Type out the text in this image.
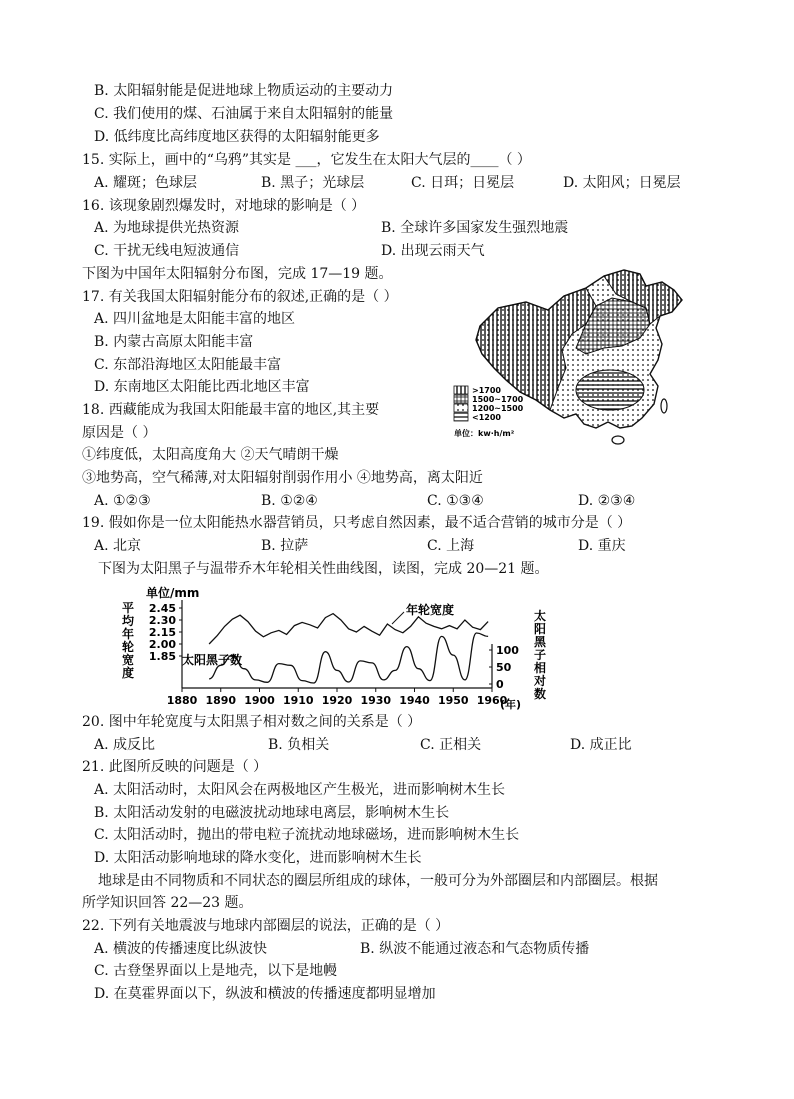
B. 太阳辐射能是促进地球上物质运动的主要动力
C. 我们使用的煤、石油属于来自太阳辐射的能量
D. 低纬度比高纬度地区获得的太阳辐射能更多
15. 实际上，画中的“乌鸦”其实是 ___，它发生在太阳大气层的____（ ）
A. 耀斑；色球层	B. 黑子；光球层	C. 日珥；日冕层	D. 太阳风；日冕层
16. 该现象剧烈爆发时，对地球的影响是（ ）
A. 为地球提供光热资源	B. 全球许多国家发生强烈地震
C. 干扰无线电短波通信	D. 出现云雨天气
下图为中国年太阳辐射分布图，完成 17—19 题。
17. 有关我国太阳辐射能分布的叙述,正确的是（ ）
A. 四川盆地是太阳能丰富的地区
B. 内蒙古高原太阳能丰富
C. 东部沿海地区太阳能最丰富
D. 东南地区太阳能比西北地区丰富
18. 西藏能成为我国太阳能最丰富的地区,其主要
原因是（ ）
①纬度低，太阳高度角大 ②天气晴朗干燥
③地势高，空气稀薄,对太阳辐射削弱作用小 ④地势高，离太阳近
A. ①②③	B. ①②④	C. ①③④	D. ②③④
>1700
1500~1700
1200~1500
<1200
单位：kw·h/m²
19. 假如你是一位太阳能热水器营销员，只考虑自然因素，最不适合营销的城市分是（ ）
A. 北京	B. 拉萨	C. 上海	D. 重庆
下图为太阳黑子与温带乔木年轮相关性曲线图，读图，完成 20—21 题。
单位/mm
平
均
年
轮
宽
度
太
阳
黑
子
相
对
数
2.45
2.30
2.15
2.00
1.85	100
50
0
1880 1890 1900 1910 1920 1930 1940 1950 1960
年轮宽度
太阳黑子数
(年)
20. 图中年轮宽度与太阳黑子相对数之间的关系是（ ）
A. 成反比	B. 负相关	C. 正相关	D. 成正比
21. 此图所反映的问题是（ ）
A. 太阳活动时，太阳风会在两极地区产生极光，进而影响树木生长
B. 太阳活动发射的电磁波扰动地球电离层，影响树木生长
C. 太阳活动时，抛出的带电粒子流扰动地球磁场，进而影响树木生长
D. 太阳活动影响地球的降水变化，进而影响树木生长
地球是由不同物质和不同状态的圈层所组成的球体，一般可分为外部圈层和内部圈层。根据
所学知识回答 22—23 题。
22. 下列有关地震波与地球内部圈层的说法，正确的是（ ）
A. 横波的传播速度比纵波快	B. 纵波不能通过液态和气态物质传播
C. 古登堡界面以上是地壳，以下是地幔
D. 在莫霍界面以下，纵波和横波的传播速度都明显增加
